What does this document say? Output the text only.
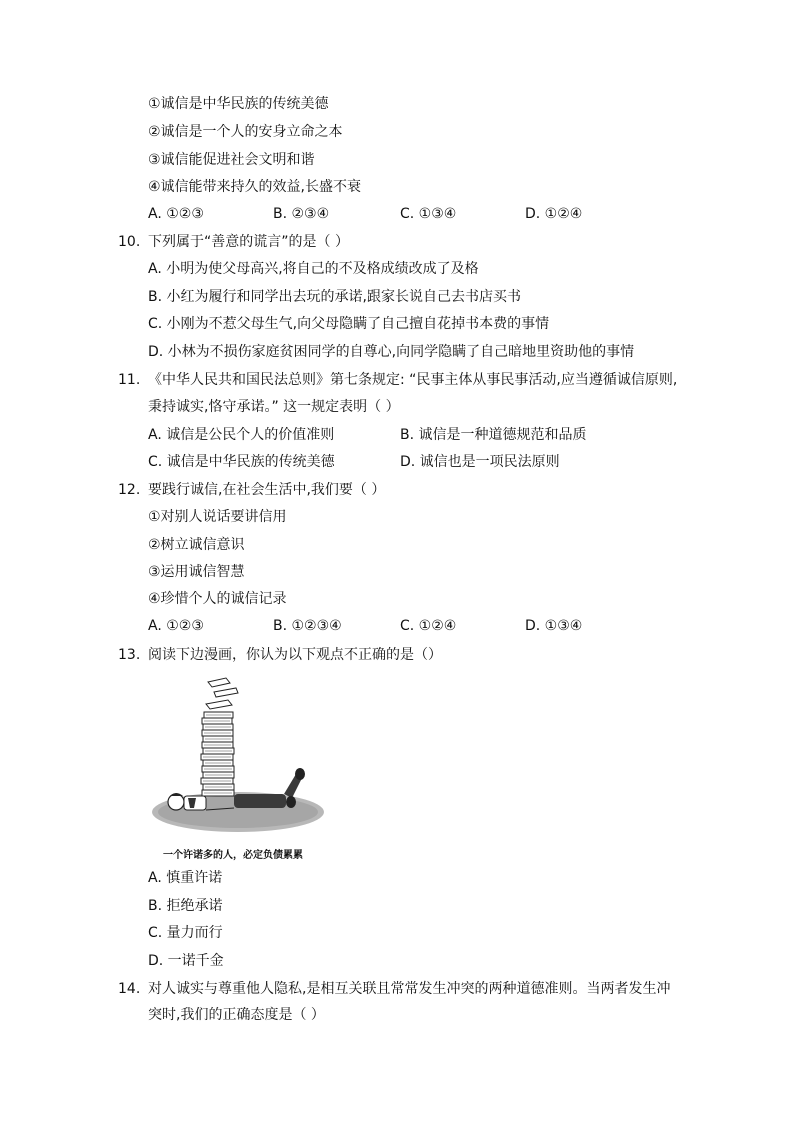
①诚信是中华民族的传统美德
②诚信是一个人的安身立命之本
③诚信能促进社会文明和谐
④诚信能带来持久的效益,长盛不衰
A. ①②③	B. ②③④	C. ①③④	D. ①②④
10. 下列属于“善意的谎言”的是（ ）
A. 小明为使父母高兴,将自己的不及格成绩改成了及格
B. 小红为履行和同学出去玩的承诺,跟家长说自己去书店买书
C. 小刚为不惹父母生气,向父母隐瞒了自己擅自花掉书本费的事情
D. 小林为不损伤家庭贫困同学的自尊心,向同学隐瞒了自己暗地里资助他的事情
11. 《中华人民共和国民法总则》第七条规定: “民事主体从事民事活动,应当遵循诚信原则,
秉持诚实,恪守承诺。” 这一规定表明（ ）
A. 诚信是公民个人的价值准则	B. 诚信是一种道德规范和品质
C. 诚信是中华民族的传统美德	D. 诚信也是一项民法原则
12. 要践行诚信,在社会生活中,我们要（ ）
①对别人说话要讲信用
②树立诚信意识
③运用诚信智慧
④珍惜个人的诚信记录
A. ①②③	B. ①②③④	C. ①②④	D. ①③④
13. 阅读下边漫画，你认为以下观点不正确的是（）
一个许诺多的人，必定负债累累
A. 慎重许诺
B. 拒绝承诺
C. 量力而行
D. 一诺千金
14. 对人诚实与尊重他人隐私,是相互关联且常常发生冲突的两种道德准则。当两者发生冲
突时,我们的正确态度是（ ）
